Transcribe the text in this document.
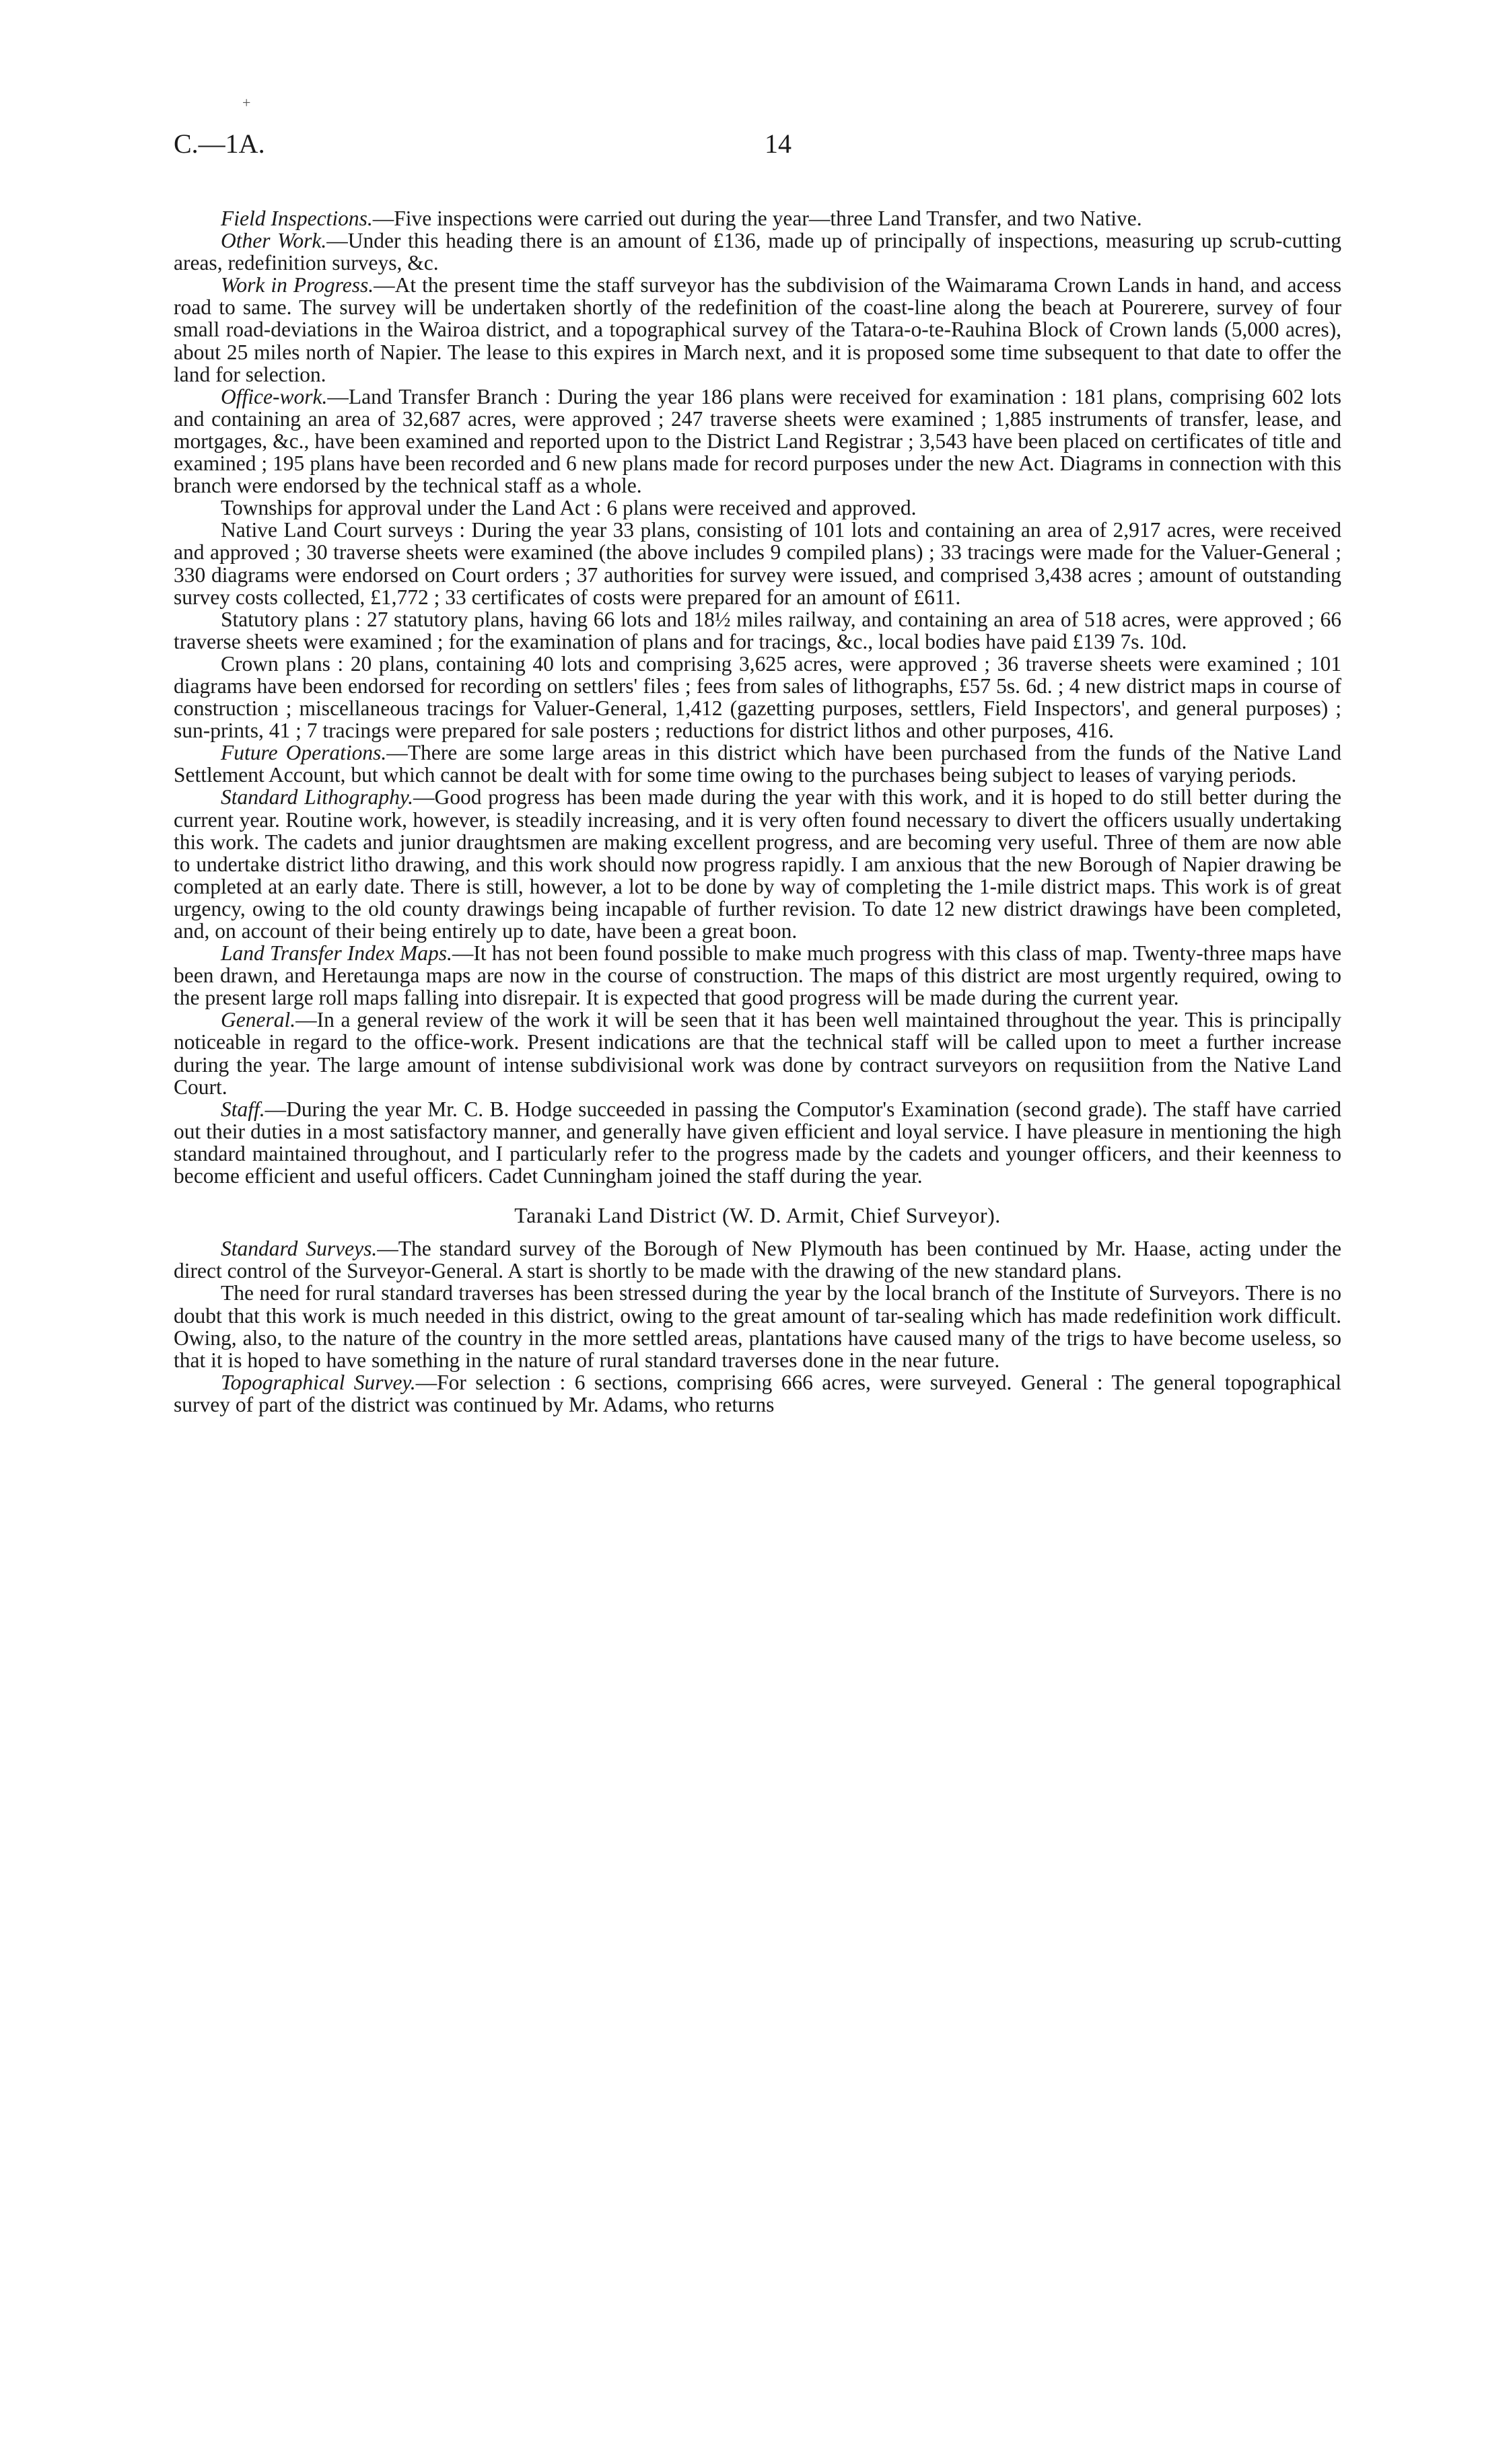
+
C.—1A.	14

Field Inspections.—Five inspections were carried out during the year—three Land Transfer, and two Native.

Other Work.—Under this heading there is an amount of £136, made up of principally of inspections, measuring up scrub-cutting areas, redefinition surveys, &c.

Work in Progress.—At the present time the staff surveyor has the subdivision of the Waimarama Crown Lands in hand, and access road to same. The survey will be undertaken shortly of the redefinition of the coast-line along the beach at Pourerere, survey of four small road-deviations in the Wairoa district, and a topographical survey of the Tatara-o-te-Rauhina Block of Crown lands (5,000 acres), about 25 miles north of Napier. The lease to this expires in March next, and it is proposed some time subsequent to that date to offer the land for selection.

Office-work.—Land Transfer Branch : During the year 186 plans were received for examination : 181 plans, comprising 602 lots and containing an area of 32,687 acres, were approved ; 247 traverse sheets were examined ; 1,885 instruments of transfer, lease, and mortgages, &c., have been examined and reported upon to the District Land Registrar ; 3,543 have been placed on certificates of title and examined ; 195 plans have been recorded and 6 new plans made for record purposes under the new Act. Diagrams in connection with this branch were endorsed by the technical staff as a whole.

Townships for approval under the Land Act : 6 plans were received and approved.

Native Land Court surveys : During the year 33 plans, consisting of 101 lots and containing an area of 2,917 acres, were received and approved ; 30 traverse sheets were examined (the above includes 9 compiled plans) ; 33 tracings were made for the Valuer-General ; 330 diagrams were endorsed on Court orders ; 37 authorities for survey were issued, and comprised 3,438 acres ; amount of outstanding survey costs collected, £1,772 ; 33 certificates of costs were prepared for an amount of £611.

Statutory plans : 27 statutory plans, having 66 lots and 18½ miles railway, and containing an area of 518 acres, were approved ; 66 traverse sheets were examined ; for the examination of plans and for tracings, &c., local bodies have paid £139 7s. 10d.

Crown plans : 20 plans, containing 40 lots and comprising 3,625 acres, were approved ; 36 traverse sheets were examined ; 101 diagrams have been endorsed for recording on settlers' files ; fees from sales of lithographs, £57 5s. 6d. ; 4 new district maps in course of construction ; miscellaneous tracings for Valuer-General, 1,412 (gazetting purposes, settlers, Field Inspectors', and general purposes) ; sun-prints, 41 ; 7 tracings were prepared for sale posters ; reductions for district lithos and other purposes, 416.

Future Operations.—There are some large areas in this district which have been purchased from the funds of the Native Land Settlement Account, but which cannot be dealt with for some time owing to the purchases being subject to leases of varying periods.

Standard Lithography.—Good progress has been made during the year with this work, and it is hoped to do still better during the current year. Routine work, however, is steadily increasing, and it is very often found necessary to divert the officers usually undertaking this work. The cadets and junior draughtsmen are making excellent progress, and are becoming very useful. Three of them are now able to undertake district litho drawing, and this work should now progress rapidly. I am anxious that the new Borough of Napier drawing be completed at an early date. There is still, however, a lot to be done by way of completing the 1-mile district maps. This work is of great urgency, owing to the old county drawings being incapable of further revision. To date 12 new district drawings have been completed, and, on account of their being entirely up to date, have been a great boon.

Land Transfer Index Maps.—It has not been found possible to make much progress with this class of map. Twenty-three maps have been drawn, and Heretaunga maps are now in the course of construction. The maps of this district are most urgently required, owing to the present large roll maps falling into disrepair. It is expected that good progress will be made during the current year.

General.—In a general review of the work it will be seen that it has been well maintained throughout the year. This is principally noticeable in regard to the office-work. Present indications are that the technical staff will be called upon to meet a further increase during the year. The large amount of intense subdivisional work was done by contract surveyors on requsiition from the Native Land Court.

Staff.—During the year Mr. C. B. Hodge succeeded in passing the Computor's Examination (second grade). The staff have carried out their duties in a most satisfactory manner, and generally have given efficient and loyal service. I have pleasure in mentioning the high standard maintained throughout, and I particularly refer to the progress made by the cadets and younger officers, and their keenness to become efficient and useful officers. Cadet Cunningham joined the staff during the year.

Taranaki Land District (W. D. Armit, Chief Surveyor).

Standard Surveys.—The standard survey of the Borough of New Plymouth has been continued by Mr. Haase, acting under the direct control of the Surveyor-General. A start is shortly to be made with the drawing of the new standard plans.

The need for rural standard traverses has been stressed during the year by the local branch of the Institute of Surveyors. There is no doubt that this work is much needed in this district, owing to the great amount of tar-sealing which has made redefinition work difficult. Owing, also, to the nature of the country in the more settled areas, plantations have caused many of the trigs to have become useless, so that it is hoped to have something in the nature of rural standard traverses done in the near future.

Topographical Survey.—For selection : 6 sections, comprising 666 acres, were surveyed. General : The general topographical survey of part of the district was continued by Mr. Adams, who returns
